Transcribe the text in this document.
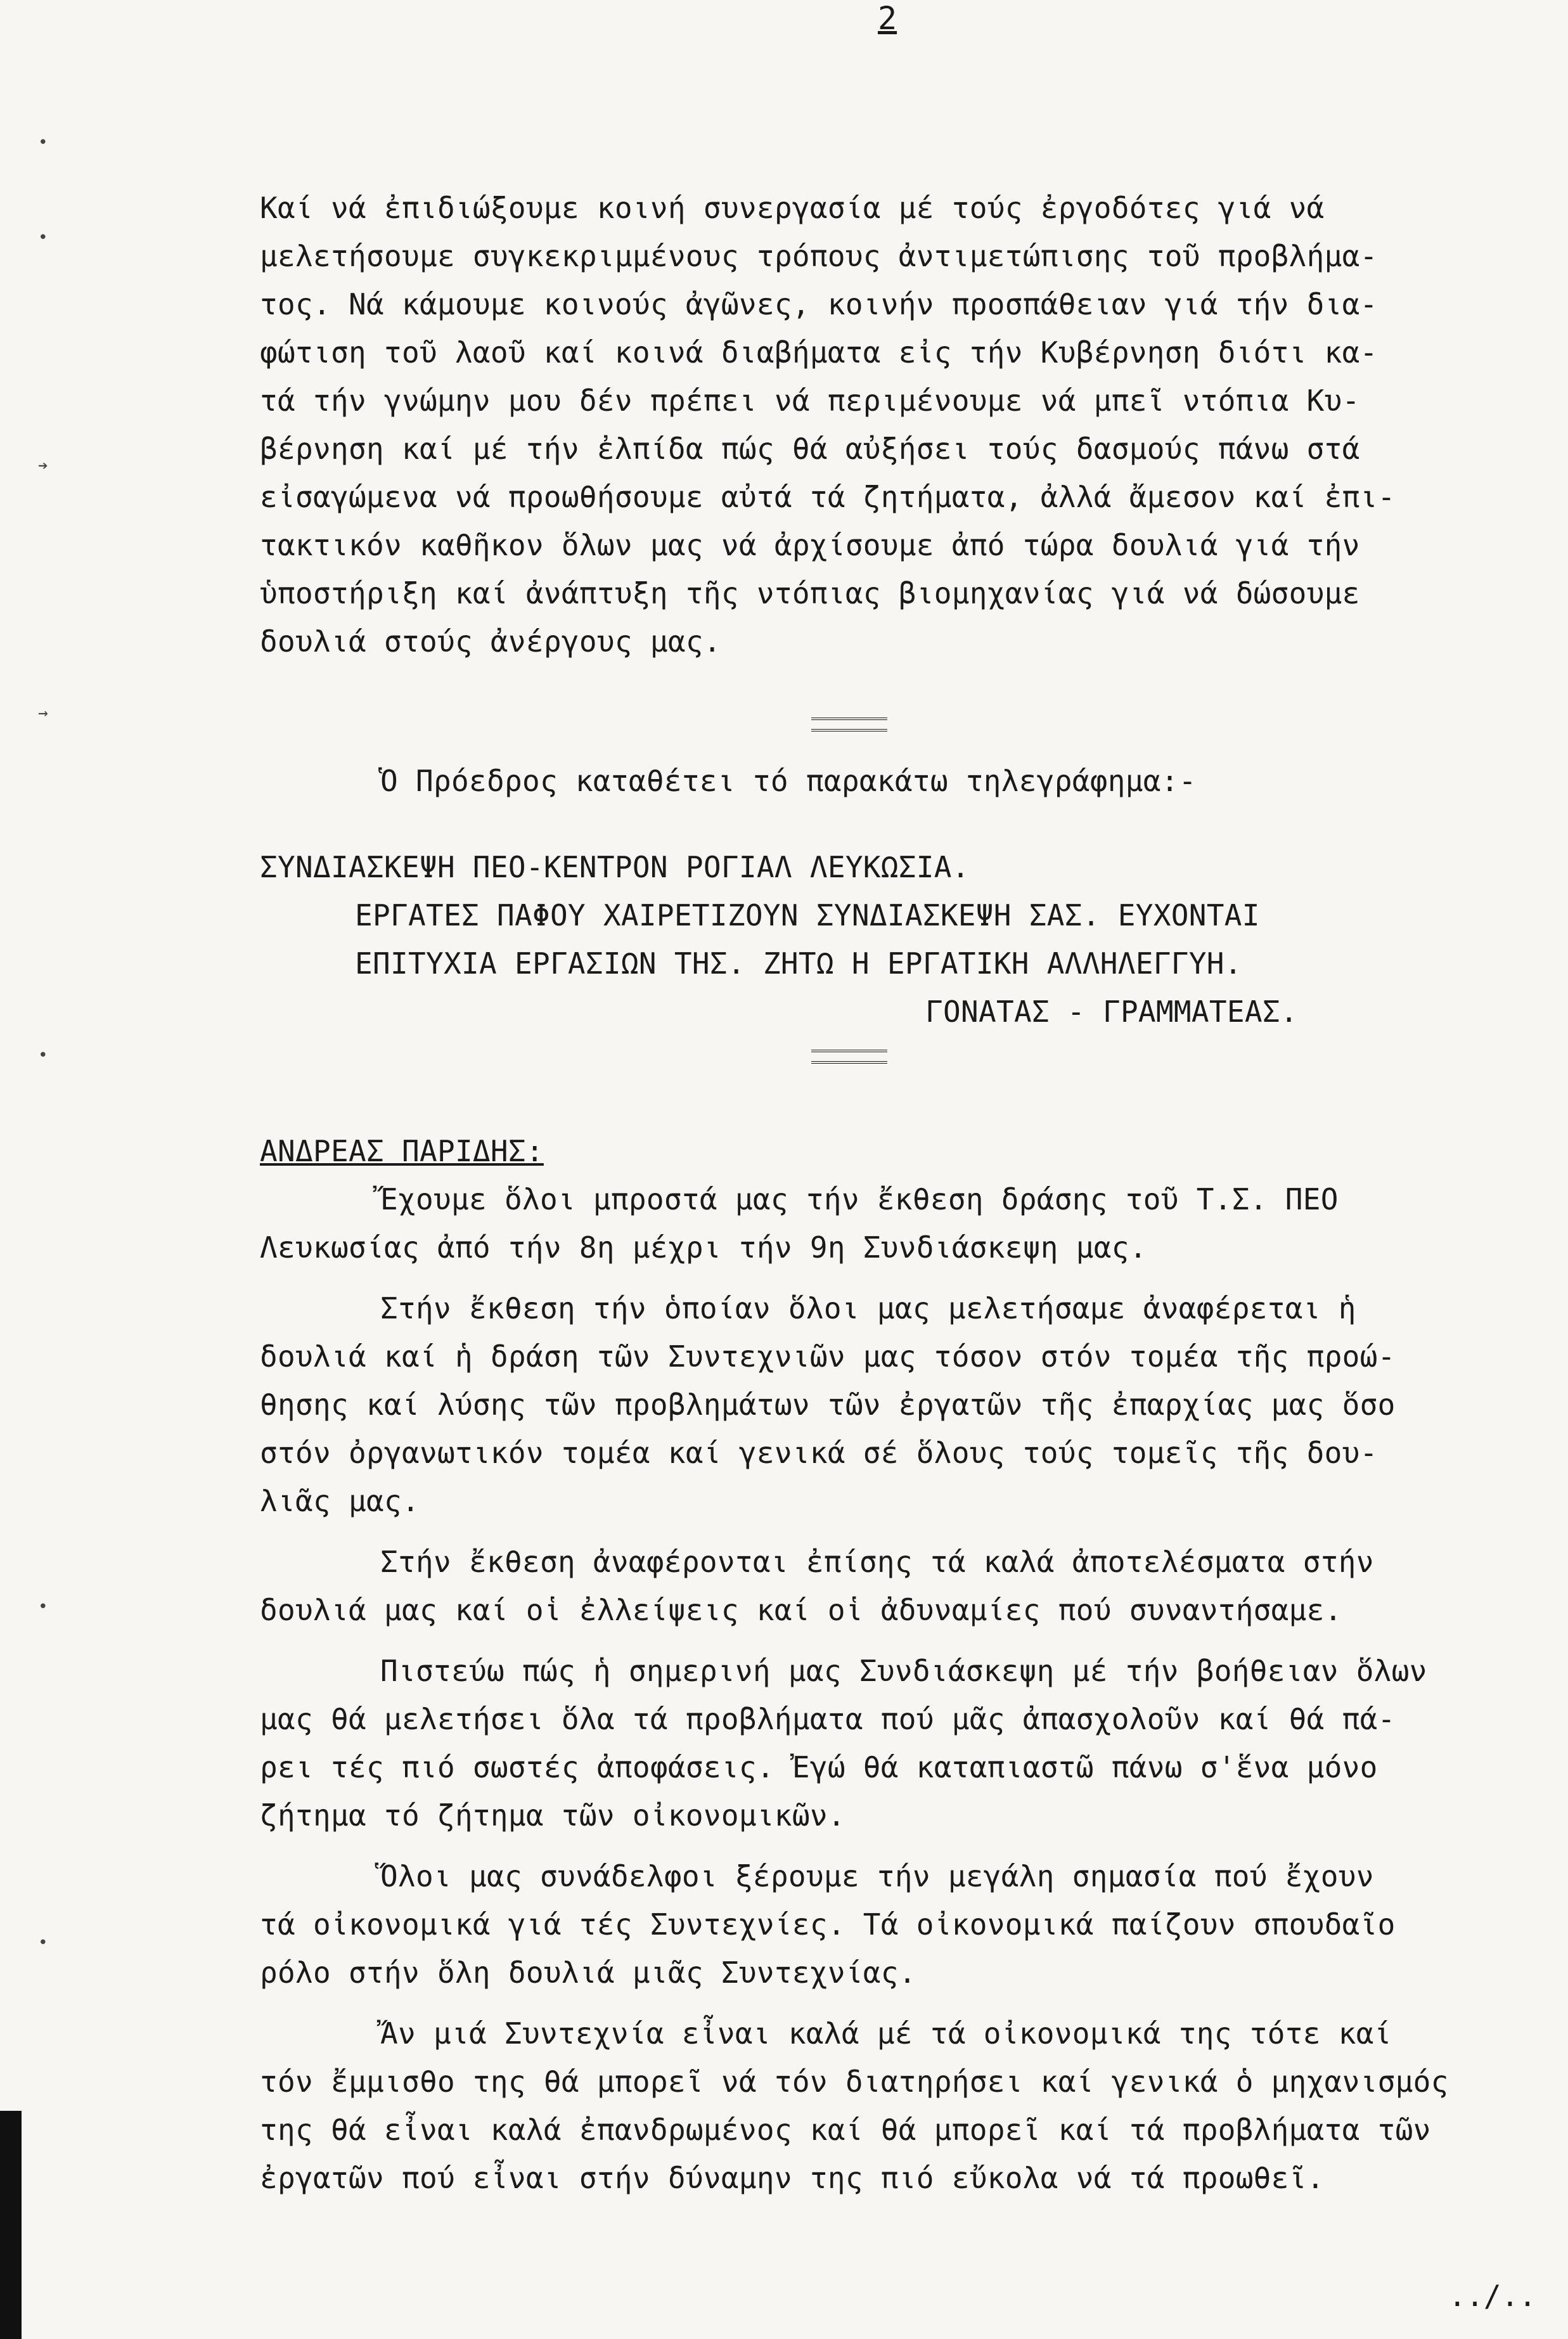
2
•
•
➔
→
•
•
•
Καί νά ἐπιδιώξουμε κοινή συνεργασία μέ τούς ἐργοδότες γιά νά
μελετήσουμε συγκεκριμμένους τρόπους ἀντιμετώπισης τοῦ προβλήμα-
τος. Νά κάμουμε κοινούς ἀγῶνες, κοινήν προσπάθειαν γιά τήν δια-
φώτιση τοῦ λαοῦ καί κοινά διαβήματα εἰς τήν Κυβέρνηση διότι κα-
τά τήν γνώμην μου δέν πρέπει νά περιμένουμε νά μπεῖ ντόπια Κυ-
βέρνηση καί μέ τήν ἐλπίδα πώς θά αὐξήσει τούς δασμούς πάνω στά
εἰσαγώμενα νά προωθήσουμε αὐτά τά ζητήματα, ἀλλά ἄμεσον καί ἐπι-
τακτικόν καθῆκον ὅλων μας νά ἀρχίσουμε ἀπό τώρα δουλιά γιά τήν
ὑποστήριξη καί ἀνάπτυξη τῆς ντόπιας βιομηχανίας γιά νά δώσουμε
δουλιά στούς ἀνέργους μας.
Ὁ Πρόεδρος καταθέτει τό παρακάτω τηλεγράφημα:-
ΣΥΝΔΙΑΣΚΕΨΗ ΠΕΟ-ΚΕΝΤΡΟΝ ΡΟΓΙΑΛ ΛΕΥΚΩΣΙΑ.
ΕΡΓΑΤΕΣ ΠΑΦΟΥ ΧΑΙΡΕΤΙΖΟΥΝ ΣΥΝΔΙΑΣΚΕΨΗ ΣΑΣ. ΕΥΧΟΝΤΑΙ
ΕΠΙΤΥΧΙΑ ΕΡΓΑΣΙΩΝ ΤΗΣ. ΖΗΤΩ Η ΕΡΓΑΤΙΚΗ ΑΛΛΗΛΕΓΓΥΗ.
ΓΟΝΑΤΑΣ - ΓΡΑΜΜΑΤΕΑΣ.
ΑΝΔΡΕΑΣ ΠΑΡΙΔΗΣ:
Ἔχουμε ὅλοι μπροστά μας τήν ἔκθεση δράσης τοῦ Τ.Σ. ΠΕΟ
Λευκωσίας ἀπό τήν 8η μέχρι τήν 9η Συνδιάσκεψη μας.
Στήν ἔκθεση τήν ὁποίαν ὅλοι μας μελετήσαμε ἀναφέρεται ἡ
δουλιά καί ἡ δράση τῶν Συντεχνιῶν μας τόσον στόν τομέα τῆς προώ-
θησης καί λύσης τῶν προβλημάτων τῶν ἐργατῶν τῆς ἐπαρχίας μας ὅσο
στόν ὀργανωτικόν τομέα καί γενικά σέ ὅλους τούς τομεῖς τῆς δου-
λιᾶς μας.
Στήν ἔκθεση ἀναφέρονται ἐπίσης τά καλά ἀποτελέσματα στήν
δουλιά μας καί οἱ ἐλλείψεις καί οἱ ἀδυναμίες πού συναντήσαμε.
Πιστεύω πώς ἡ σημερινή μας Συνδιάσκεψη μέ τήν βοήθειαν ὅλων
μας θά μελετήσει ὅλα τά προβλήματα πού μᾶς ἀπασχολοῦν καί θά πά-
ρει τές πιό σωστές ἀποφάσεις. Ἐγώ θά καταπιαστῶ πάνω σ'ἕνα μόνο
ζήτημα τό ζήτημα τῶν οἰκονομικῶν.
Ὅλοι μας συνάδελφοι ξέρουμε τήν μεγάλη σημασία πού ἔχουν
τά οἰκονομικά γιά τές Συντεχνίες. Τά οἰκονομικά παίζουν σπουδαῖο
ρόλο στήν ὅλη δουλιά μιᾶς Συντεχνίας.
Ἄν μιά Συντεχνία εἶναι καλά μέ τά οἰκονομικά της τότε καί
τόν ἔμμισθο της θά μπορεῖ νά τόν διατηρήσει καί γενικά ὁ μηχανισμός
της θά εἶναι καλά ἐπανδρωμένος καί θά μπορεῖ καί τά προβλήματα τῶν
ἐργατῶν πού εἶναι στήν δύναμην της πιό εὔκολα νά τά προωθεῖ.
../..
